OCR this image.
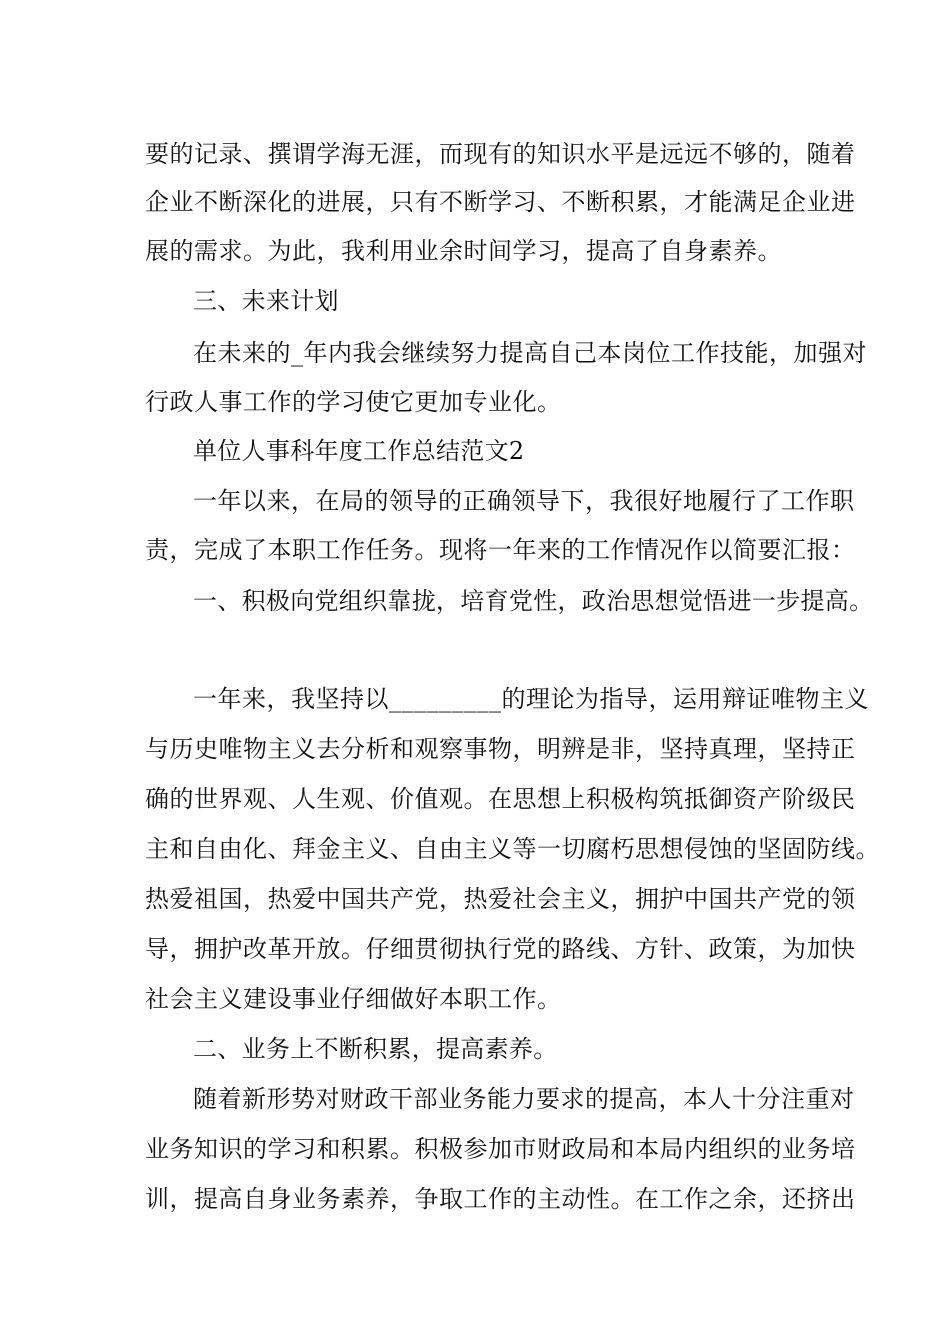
要的记录、撰谓学海无涯，而现有的知识水平是远远不够的，随着
企业不断深化的进展，只有不断学习、不断积累，才能满足企业进
展的需求。为此，我利用业余时间学习，提高了自身素养。
三、未来计划
在未来的_年内我会继续努力提高自己本岗位工作技能，加强对
行政人事工作的学习使它更加专业化。
单位人事科年度工作总结范文2
一年以来，在局的领导的正确领导下，我很好地履行了工作职
责，完成了本职工作任务。现将一年来的工作情况作以简要汇报：
一、积极向党组织靠拢，培育党性，政治思想觉悟进一步提高。
一年来，我坚持以_________的理论为指导，运用辩证唯物主义
与历史唯物主义去分析和观察事物，明辨是非，坚持真理，坚持正
确的世界观、人生观、价值观。在思想上积极构筑抵御资产阶级民
主和自由化、拜金主义、自由主义等一切腐朽思想侵蚀的坚固防线。
热爱祖国，热爱中国共产党，热爱社会主义，拥护中国共产党的领
导，拥护改革开放。仔细贯彻执行党的路线、方针、政策，为加快
社会主义建设事业仔细做好本职工作。
二、业务上不断积累，提高素养。
随着新形势对财政干部业务能力要求的提高，本人十分注重对
业务知识的学习和积累。积极参加市财政局和本局内组织的业务培
训，提高自身业务素养，争取工作的主动性。在工作之余，还挤出
